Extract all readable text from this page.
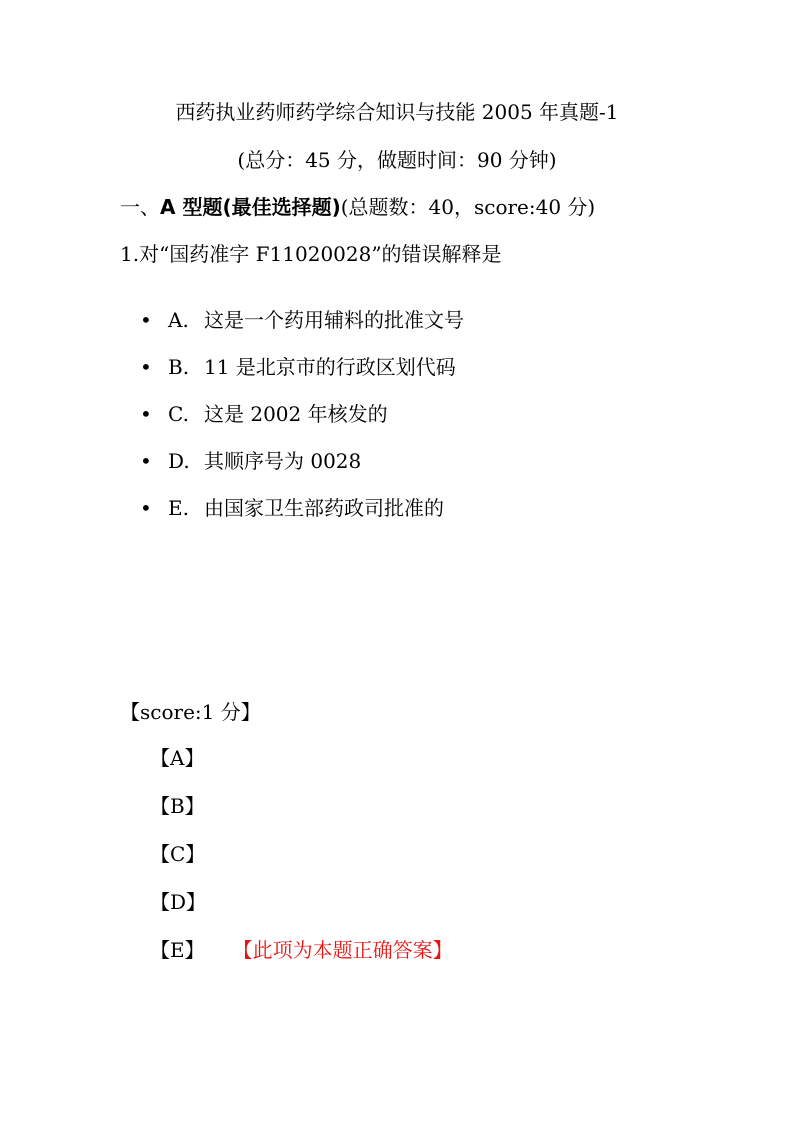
西药执业药师药学综合知识与技能 2005 年真题-1
(总分：45 分，做题时间：90 分钟)
一、A 型题(最佳选择题)(总题数：40，score:40 分)
1.对“国药准字 F11020028”的错误解释是
• A. 这是一个药用辅料的批准文号
• B. 11 是北京市的行政区划代码
• C. 这是 2002 年核发的
• D. 其顺序号为 0028
• E. 由国家卫生部药政司批准的
【score:1 分】
【A】
【B】
【C】
【D】
【E】 【此项为本题正确答案】
